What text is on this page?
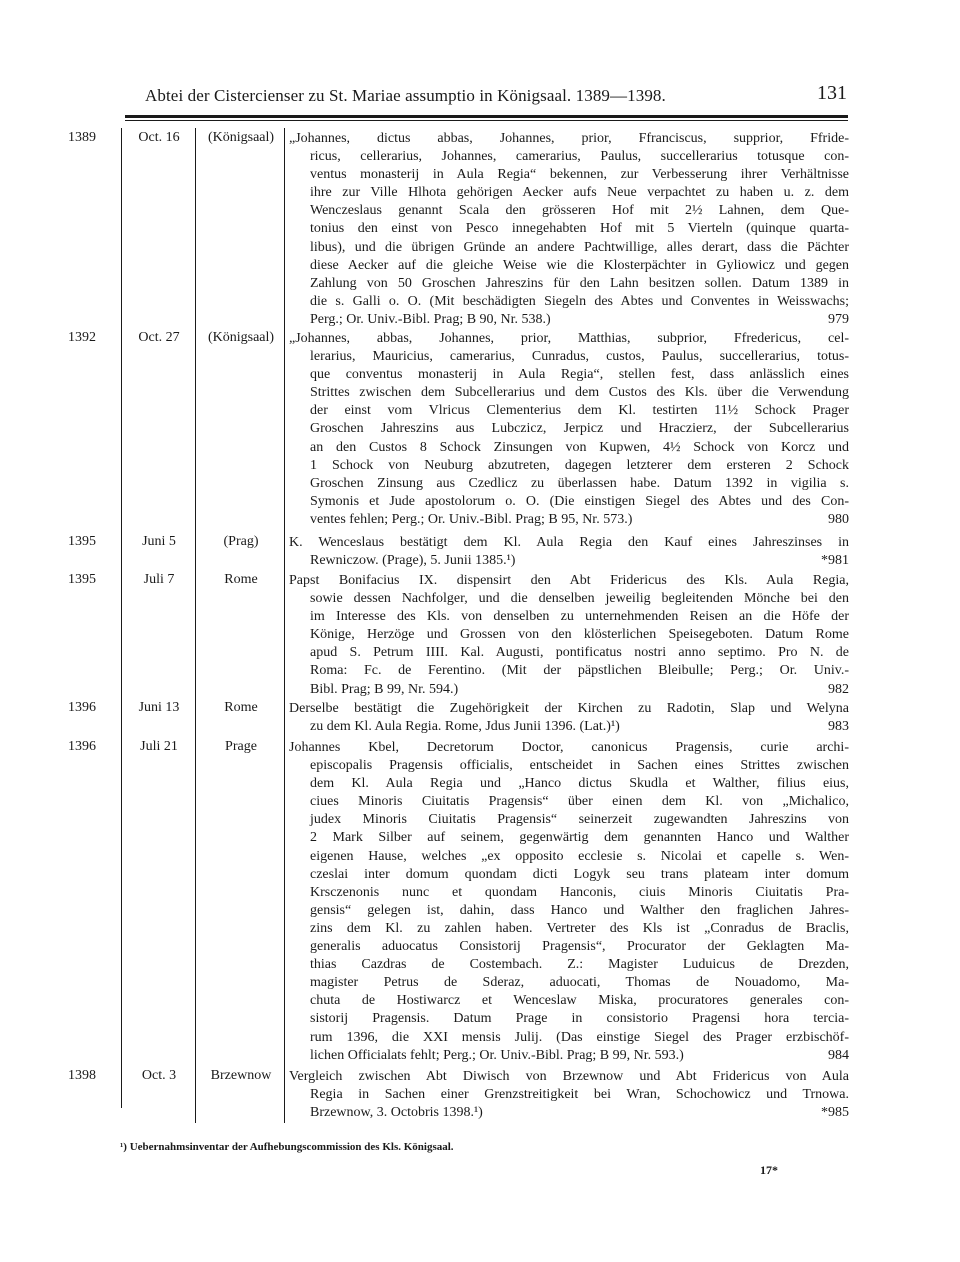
Abtei der Cistercienser zu St. Mariae assumptio in Königsaal. 1389—1398.	131
1389	Oct. 16	(Königsaal)	„Johannes, dictus abbas, Johannes, prior, Ffranciscus, supprior, Ffride-
ricus, cellerarius, Johannes, camerarius, Paulus, succellerarius totusque con-
ventus monasterij in Aula Regia“ bekennen, zur Verbesserung ihrer Verhältnisse
ihre zur Ville Hlhota gehörigen Aecker aufs Neue verpachtet zu haben u. z. dem
Wenczeslaus genannt Scala den grösseren Hof mit 2½ Lahnen, dem Que-
tonius den einst von Pesco innegehabten Hof mit 5 Vierteln (quinque quarta-
libus), und die übrigen Gründe an andere Pachtwillige, alles derart, dass die Pächter
diese Aecker auf die gleiche Weise wie die Klosterpächter in Gyliowicz und gegen
Zahlung von 50 Groschen Jahreszins für den Lahn besitzen sollen. Datum 1389 in
die s. Galli o. O. (Mit beschädigten Siegeln des Abtes und Conventes in Weisswachs;
Perg.; Or. Univ.-Bibl. Prag; B 90, Nr. 538.)	979
1392	Oct. 27	(Königsaal)	„Johannes, abbas, Johannes, prior, Matthias, subprior, Ffredericus, cel-
lerarius, Mauricius, camerarius, Cunradus, custos, Paulus, succellerarius, totus-
que conventus monasterij in Aula Regia“, stellen fest, dass anlässlich eines
Strittes zwischen dem Subcellerarius und dem Custos des Kls. über die Verwendung
der einst vom Vlricus Clementerius dem Kl. testirten 11½ Schock Prager
Groschen Jahreszins aus Lubczicz, Jerpicz und Hraczierz, der Subcellerarius
an den Custos 8 Schock Zinsungen von Kupwen, 4½ Schock von Korcz und
1 Schock von Neuburg abzutreten, dagegen letzterer dem ersteren 2 Schock
Groschen Zinsung aus Czedlicz zu überlassen habe. Datum 1392 in vigilia s.
Symonis et Jude apostolorum o. O. (Die einstigen Siegel des Abtes und des Con-
ventes fehlen; Perg.; Or. Univ.-Bibl. Prag; B 95, Nr. 573.)	980
1395	Juni 5	(Prag)	K. Wenceslaus bestätigt dem Kl. Aula Regia den Kauf eines Jahreszinses in
Rewniczow. (Prage), 5. Junii 1385.¹)	*981
1395	Juli 7	Rome	Papst Bonifacius IX. dispensirt den Abt Fridericus des Kls. Aula Regia,
sowie dessen Nachfolger, und die denselben jeweilig begleitenden Mönche bei den
im Interesse des Kls. von denselben zu unternehmenden Reisen an die Höfe der
Könige, Herzöge und Grossen von den klösterlichen Speisegeboten. Datum Rome
apud S. Petrum IIII. Kal. Augusti, pontificatus nostri anno septimo. Pro N. de
Roma: Fc. de Ferentino. (Mit der päpstlichen Bleibulle; Perg.; Or. Univ.-
Bibl. Prag; B 99, Nr. 594.)	982
1396	Juni 13	Rome	Derselbe bestätigt die Zugehörigkeit der Kirchen zu Radotin, Slap und Welyna
zu dem Kl. Aula Regia. Rome, Jdus Junii 1396. (Lat.)¹)	983
1396	Juli 21	Prage	Johannes Kbel, Decretorum Doctor, canonicus Pragensis, curie archi-
episcopalis Pragensis officialis, entscheidet in Sachen eines Strittes zwischen
dem Kl. Aula Regia und „Hanco dictus Skudla et Walther, filius eius,
ciues Minoris Ciuitatis Pragensis“ über einen dem Kl. von „Michalico,
judex Minoris Ciuitatis Pragensis“ seinerzeit zugewandten Jahreszins von
2 Mark Silber auf seinem, gegenwärtig dem genannten Hanco und Walther
eigenen Hause, welches „ex opposito ecclesie s. Nicolai et capelle s. Wen-
czeslai inter domum quondam dicti Logyk seu trans plateam inter domum
Krsczenonis nunc et quondam Hanconis, ciuis Minoris Ciuitatis Pra-
gensis“ gelegen ist, dahin, dass Hanco und Walther den fraglichen Jahres-
zins dem Kl. zu zahlen haben. Vertreter des Kls ist „Conradus de Braclis,
generalis aduocatus Consistorij Pragensis“, Procurator der Geklagten Ma-
thias Cazdras de Costembach. Z.: Magister Luduicus de Drezden,
magister Petrus de Sderaz, aduocati, Thomas de Nouadomo, Ma-
chuta de Hostiwarcz et Wenceslaw Miska, procuratores generales con-
sistorij Pragensis. Datum Prage in consistorio Pragensi hora tercia-
rum 1396, die XXI mensis Julij. (Das einstige Siegel des Prager erzbischöf-
lichen Officialats fehlt; Perg.; Or. Univ.-Bibl. Prag; B 99, Nr. 593.)	984
1398	Oct. 3	Brzewnow	Vergleich zwischen Abt Diwisch von Brzewnow und Abt Fridericus von Aula
Regia in Sachen einer Grenzstreitigkeit bei Wran, Schochowicz und Trnowa.
Brzewnow, 3. Octobris 1398.¹)	*985
¹) Uebernahmsinventar der Aufhebungscommission des Kls. Königsaal.
17*
